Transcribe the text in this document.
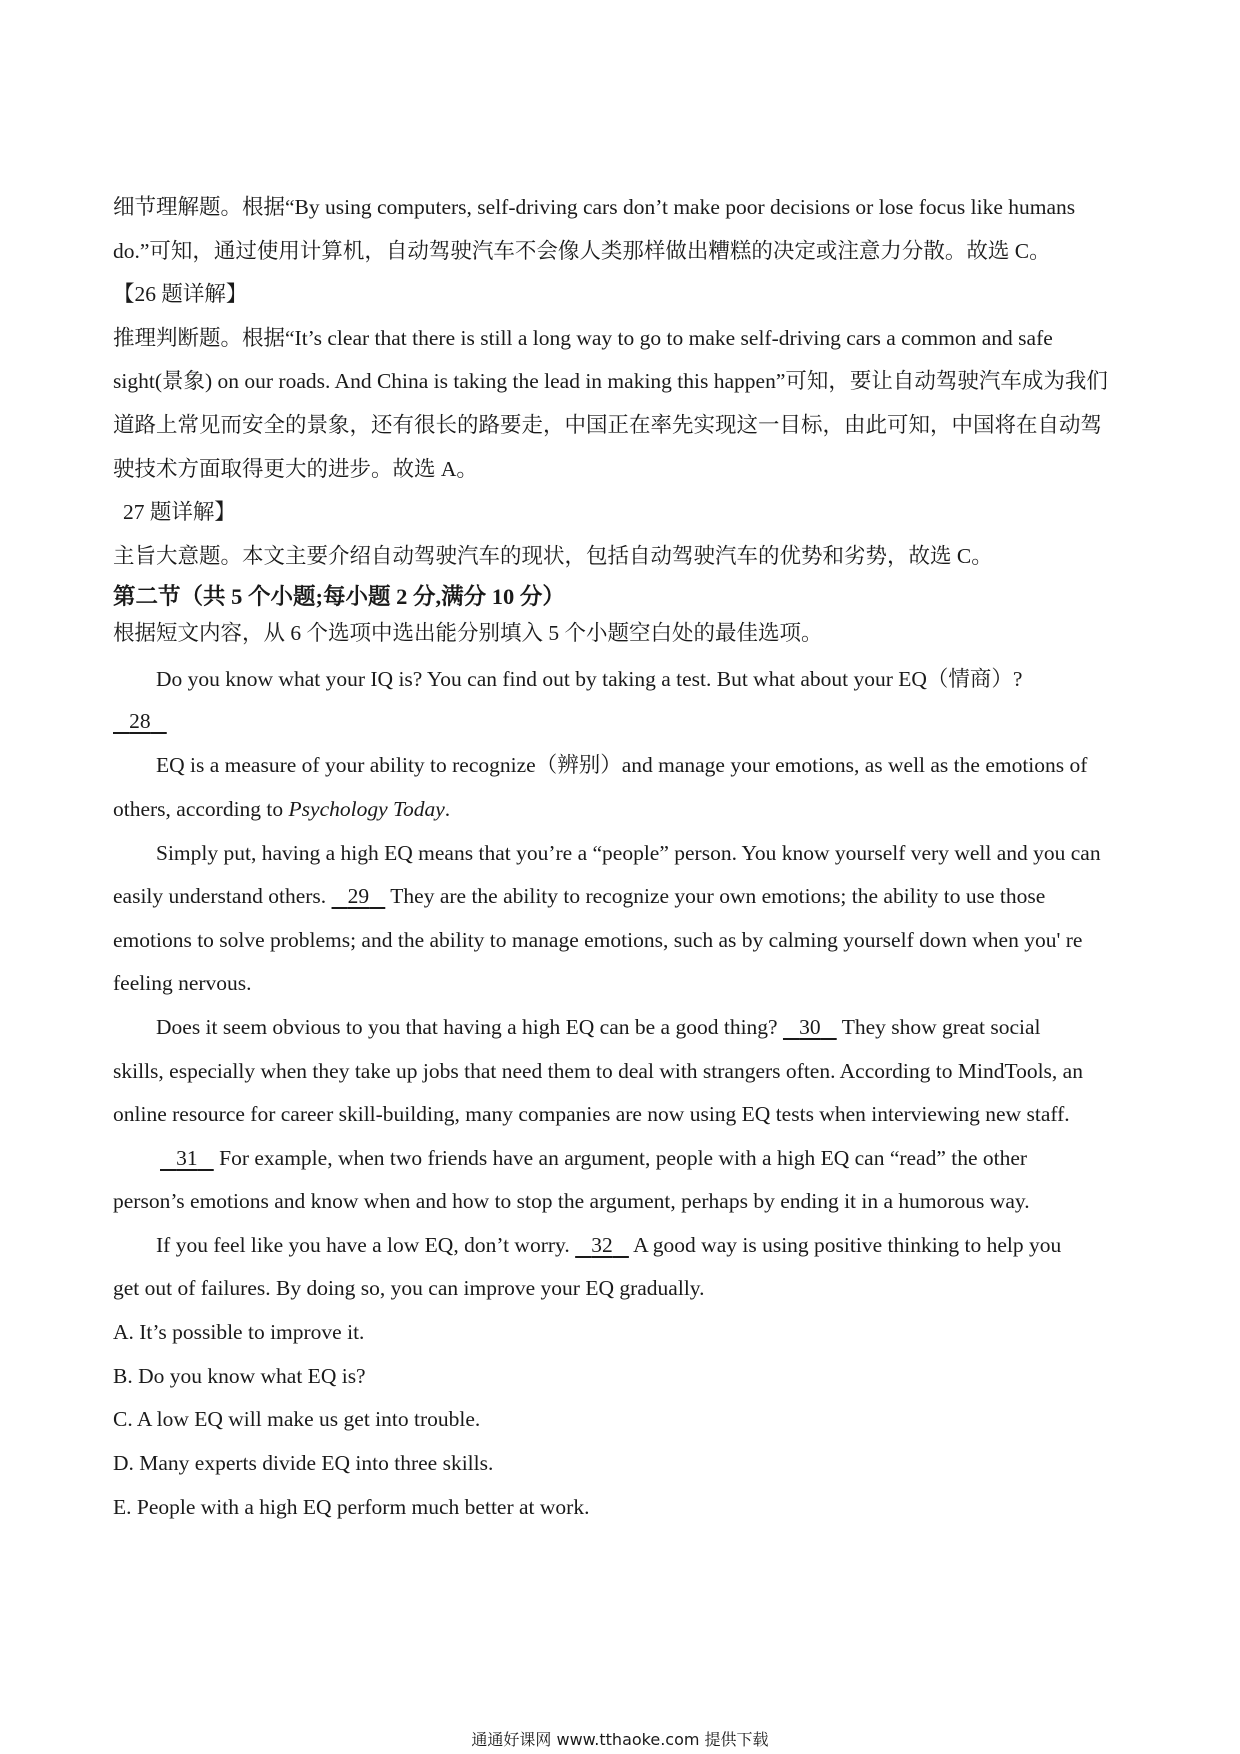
细节理解题。根据“By using computers, self-driving cars don’t make poor decisions or lose focus like humans
do.”可知，通过使用计算机，自动驾驶汽车不会像人类那样做出糟糕的决定或注意力分散。故选 C。
【26 题详解】
推理判断题。根据“It’s clear that there is still a long way to go to make self-driving cars a common and safe
sight(景象) on our roads. And China is taking the lead in making this happen”可知，要让自动驾驶汽车成为我们
道路上常见而安全的景象，还有很长的路要走，中国正在率先实现这一目标，由此可知，中国将在自动驾
驶技术方面取得更大的进步。故选 A。
27 题详解】
主旨大意题。本文主要介绍自动驾驶汽车的现状，包括自动驾驶汽车的优势和劣势，故选 C。
第二节（共 5 个小题;每小题 2 分,满分 10 分）
根据短文内容，从 6 个选项中选出能分别填入 5 个小题空白处的最佳选项。
Do you know what your IQ is? You can find out by taking a test. But what about your EQ（情商）?
28
EQ is a measure of your ability to recognize（辨别）and manage your emotions, as well as the emotions of
others, according to Psychology Today.
Simply put, having a high EQ means that you’re a “people” person. You know yourself very well and you can
easily understand others.    29    They are the ability to recognize your own emotions; the ability to use those
emotions to solve problems; and the ability to manage emotions, such as by calming yourself down when you' re
feeling nervous.
Does it seem obvious to you that having a high EQ can be a good thing?    30    They show great social
skills, especially when they take up jobs that need them to deal with strangers often. According to MindTools, an
online resource for career skill-building, many companies are now using EQ tests when interviewing new staff.
31    For example, when two friends have an argument, people with a high EQ can “read” the other
person’s emotions and know when and how to stop the argument, perhaps by ending it in a humorous way.
If you feel like you have a low EQ, don’t worry.    32    A good way is using positive thinking to help you
get out of failures. By doing so, you can improve your EQ gradually.
A. It’s possible to improve it.
B. Do you know what EQ is?
C. A low EQ will make us get into trouble.
D. Many experts divide EQ into three skills.
E. People with a high EQ perform much better at work.
通通好课网 www.tthaoke.com 提供下载
